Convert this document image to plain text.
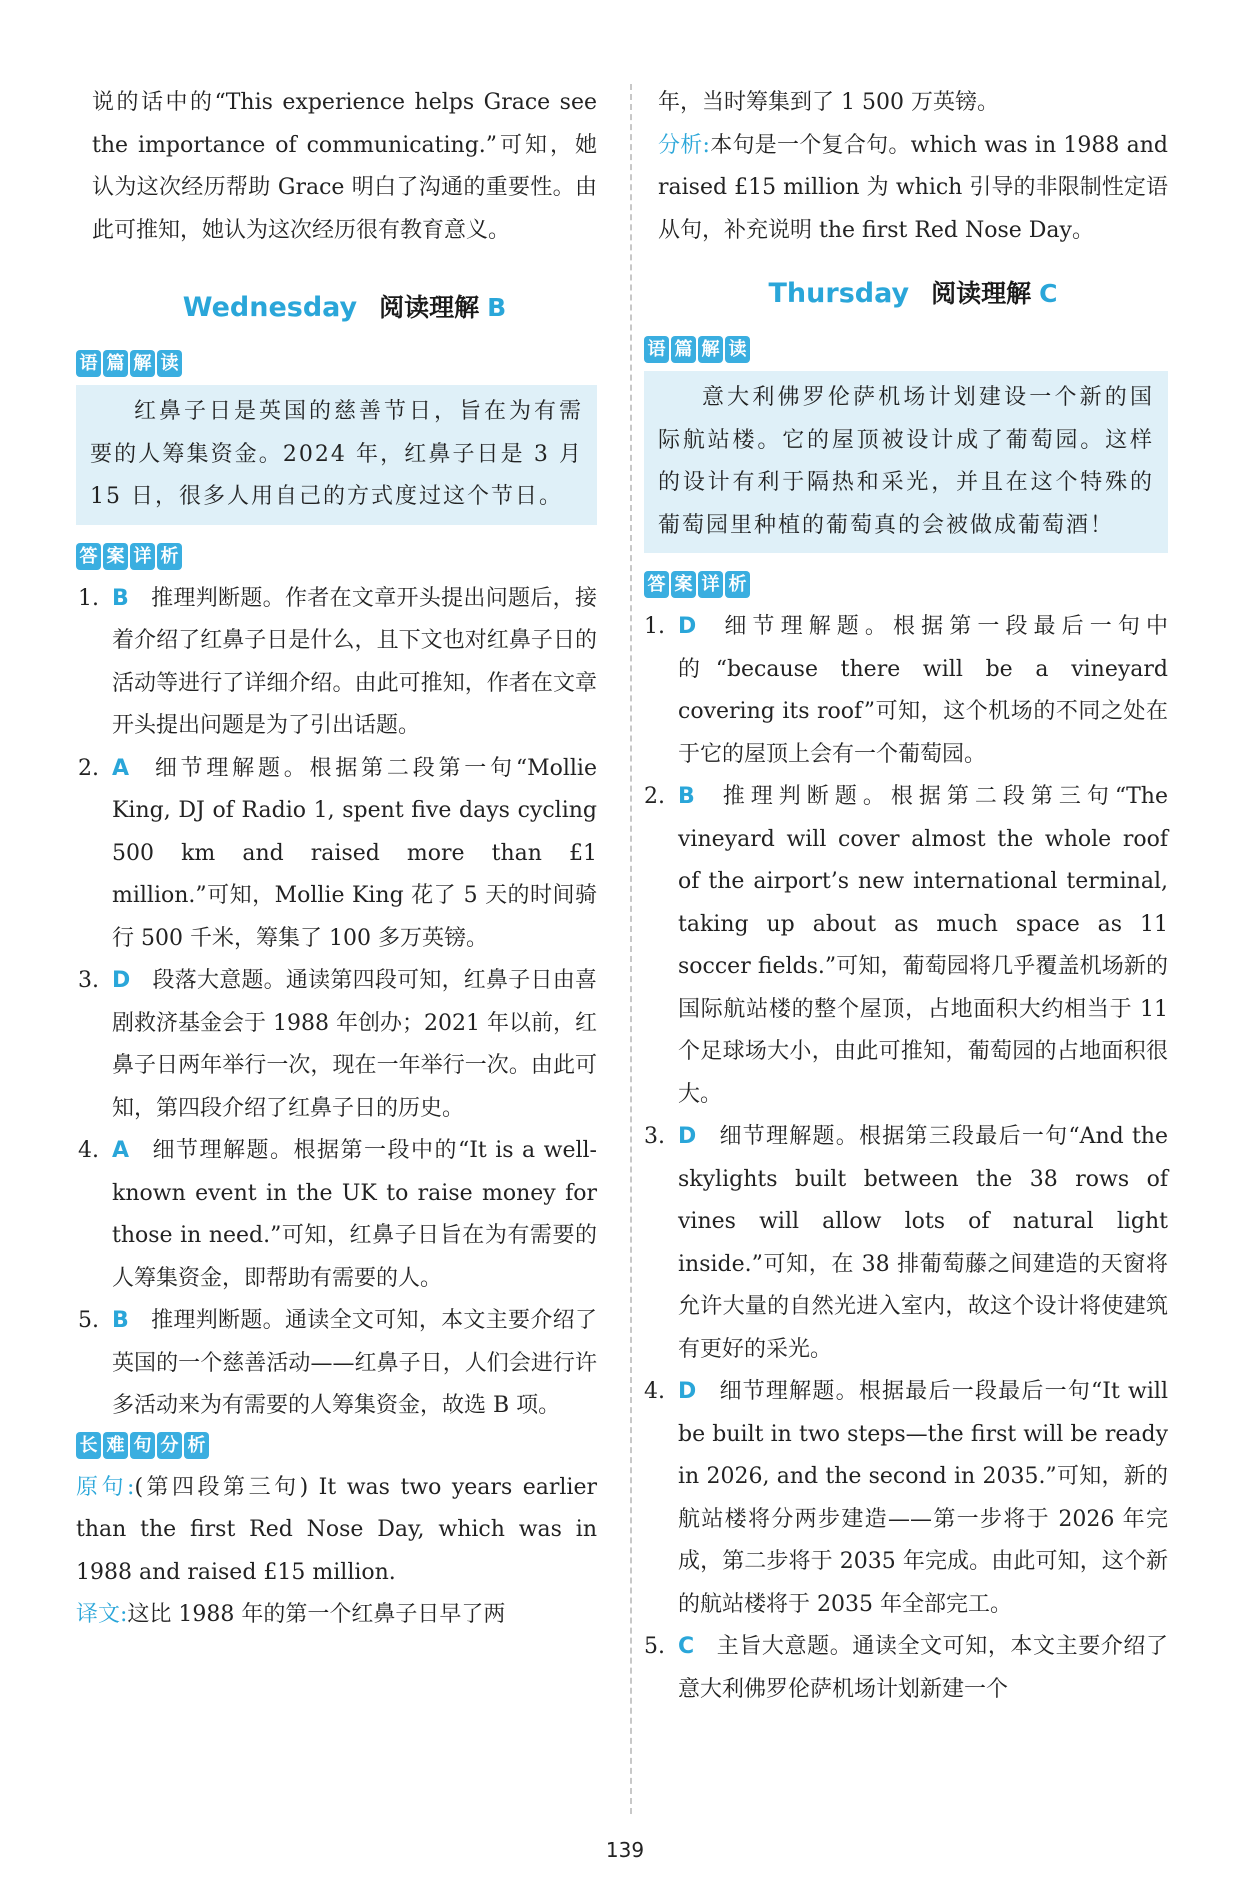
说的话中的“This experience helps Grace see the importance of communicating.”可知，她认为这次经历帮助 Grace 明白了沟通的重要性。由此可推知，她认为这次经历很有教育意义。

Wednesday 阅读理解 B
语 篇 解 读

红鼻子日是英国的慈善节日，旨在为有需要的人筹集资金。2024 年，红鼻子日是 3 月 15 日，很多人用自己的方式度过这个节日。

答 案 详 析
1. B 推理判断题。作者在文章开头提出问题后，接着介绍了红鼻子日是什么，且下文也对红鼻子日的活动等进行了详细介绍。由此可推知，作者在文章开头提出问题是为了引出话题。

2. A 细节理解题。根据第二段第一句“Mollie King, DJ of Radio 1, spent five days cycling 500 km and raised more than £1 million.”可知，Mollie King 花了 5 天的时间骑行 500 千米，筹集了 100 多万英镑。

3. D 段落大意题。通读第四段可知，红鼻子日由喜剧救济基金会于 1988 年创办；2021 年以前，红鼻子日两年举行一次，现在一年举行一次。由此可知，第四段介绍了红鼻子日的历史。

4. A 细节理解题。根据第一段中的“It is a well-known event in the UK to raise money for those in need.”可知，红鼻子日旨在为有需要的人筹集资金，即帮助有需要的人。

5. B 推理判断题。通读全文可知，本文主要介绍了英国的一个慈善活动——红鼻子日，人们会进行许多活动来为有需要的人筹集资金，故选 B 项。

长 难 句 分 析

原句:(第四段第三句) It was two years earlier than the first Red Nose Day, which was in 1988 and raised £15 million.

译文:这比 1988 年的第一个红鼻子日早了两

年，当时筹集到了 1 500 万英镑。

分析:本句是一个复合句。which was in 1988 and raised £15 million 为 which 引导的非限制性定语从句，补充说明 the first Red Nose Day。

Thursday 阅读理解 C
语 篇 解 读

意大利佛罗伦萨机场计划建设一个新的国际航站楼。它的屋顶被设计成了葡萄园。这样的设计有利于隔热和采光，并且在这个特殊的葡萄园里种植的葡萄真的会被做成葡萄酒！

答 案 详 析
1. D 细节理解题。根据第一段最后一句中的“because there will be a vineyard covering its roof”可知，这个机场的不同之处在于它的屋顶上会有一个葡萄园。

2. B 推理判断题。根据第二段第三句“The vineyard will cover almost the whole roof of the airport’s new international terminal, taking up about as much space as 11 soccer fields.”可知，葡萄园将几乎覆盖机场新的国际航站楼的整个屋顶，占地面积大约相当于 11 个足球场大小，由此可推知，葡萄园的占地面积很大。

3. D 细节理解题。根据第三段最后一句“And the skylights built between the 38 rows of vines will allow lots of natural light inside.”可知，在 38 排葡萄藤之间建造的天窗将允许大量的自然光进入室内，故这个设计将使建筑有更好的采光。

4. D 细节理解题。根据最后一段最后一句“It will be built in two steps—the first will be ready in 2026, and the second in 2035.”可知，新的航站楼将分两步建造——第一步将于 2026 年完成，第二步将于 2035 年完成。由此可知，这个新的航站楼将于 2035 年全部完工。

5. C 主旨大意题。通读全文可知，本文主要介绍了意大利佛罗伦萨机场计划新建一个

139
